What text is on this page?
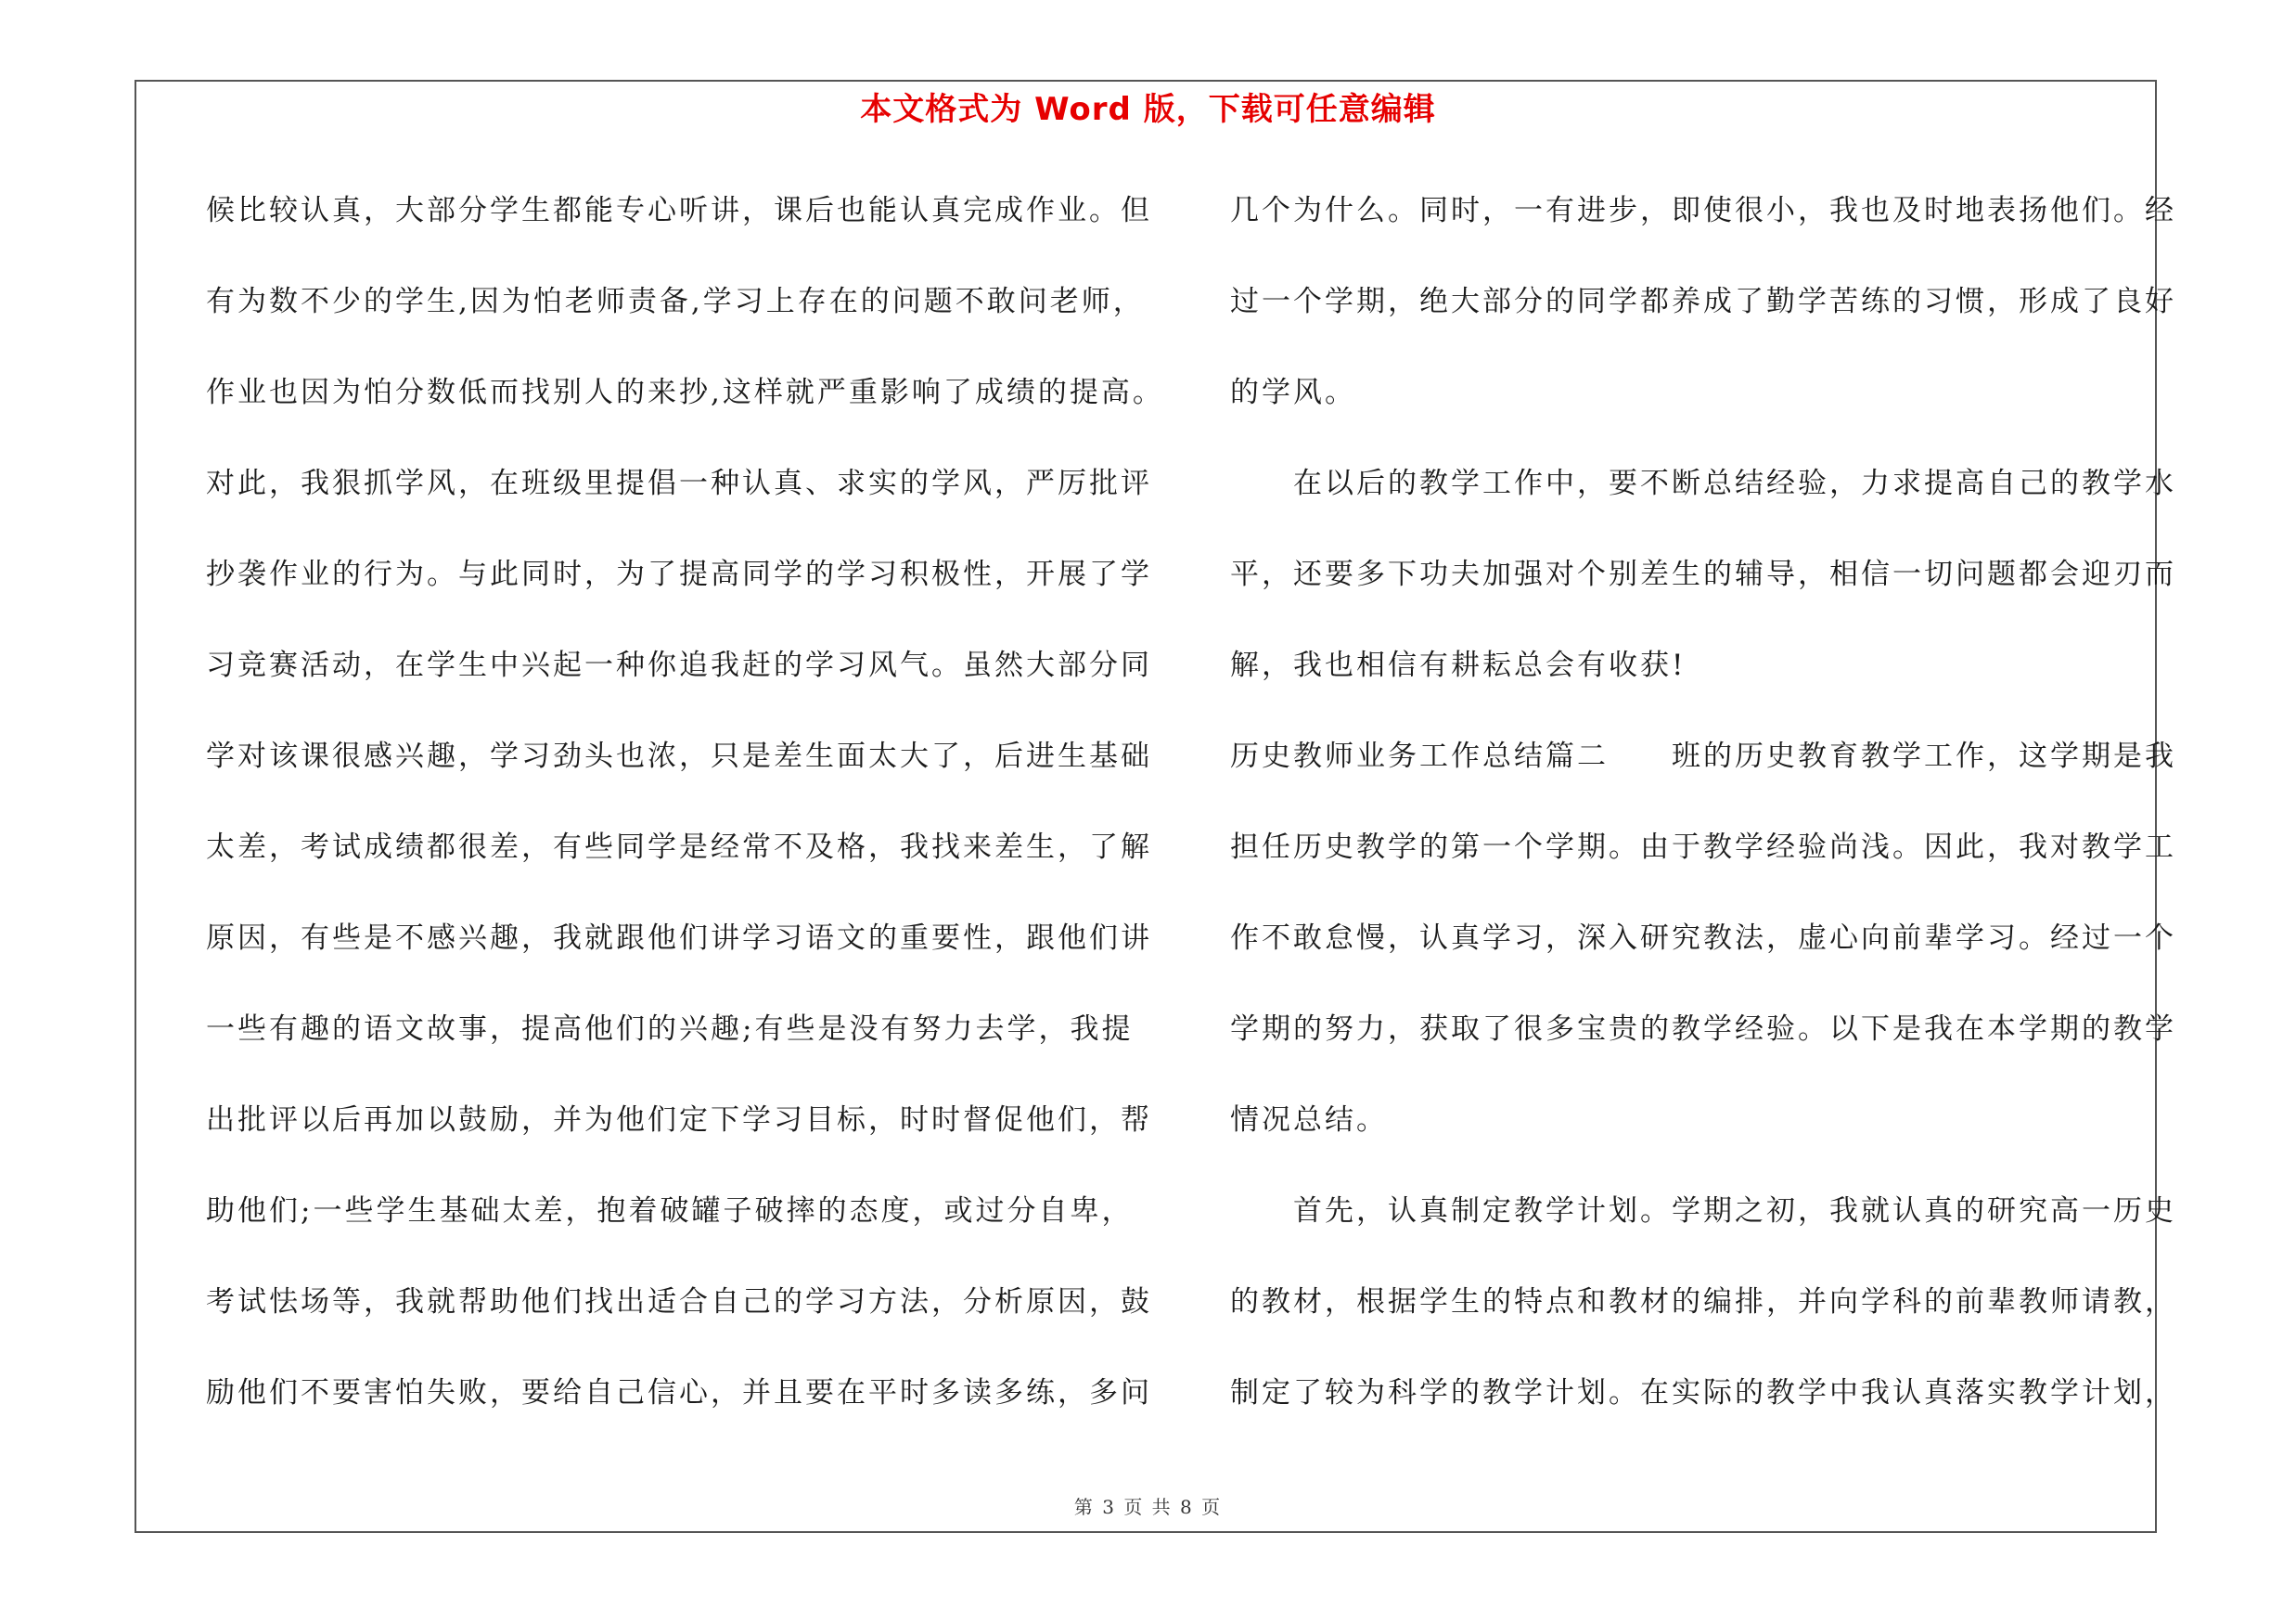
本文格式为 Word 版，下载可任意编辑
候比较认真，大部分学生都能专心听讲，课后也能认真完成作业。但
有为数不少的学生,因为怕老师责备,学习上存在的问题不敢问老师，
作业也因为怕分数低而找别人的来抄,这样就严重影响了成绩的提高。
对此，我狠抓学风，在班级里提倡一种认真、求实的学风，严厉批评
抄袭作业的行为。与此同时，为了提高同学的学习积极性，开展了学
习竞赛活动，在学生中兴起一种你追我赶的学习风气。虽然大部分同
学对该课很感兴趣，学习劲头也浓，只是差生面太大了，后进生基础
太差，考试成绩都很差，有些同学是经常不及格，我找来差生，了解
原因，有些是不感兴趣，我就跟他们讲学习语文的重要性，跟他们讲
一些有趣的语文故事，提高他们的兴趣;有些是没有努力去学，我提
出批评以后再加以鼓励，并为他们定下学习目标，时时督促他们，帮
助他们;一些学生基础太差，抱着破罐子破摔的态度，或过分自卑，
考试怯场等，我就帮助他们找出适合自己的学习方法，分析原因，鼓
励他们不要害怕失败，要给自己信心，并且要在平时多读多练，多问
几个为什么。同时，一有进步，即使很小，我也及时地表扬他们。经
过一个学期，绝大部分的同学都养成了勤学苦练的习惯，形成了良好
的学风。
在以后的教学工作中，要不断总结经验，力求提高自己的教学水
平，还要多下功夫加强对个别差生的辅导，相信一切问题都会迎刃而
解，我也相信有耕耘总会有收获!
历史教师业务工作总结篇二　　班的历史教育教学工作，这学期是我
担任历史教学的第一个学期。由于教学经验尚浅。因此，我对教学工
作不敢怠慢，认真学习，深入研究教法，虚心向前辈学习。经过一个
学期的努力，获取了很多宝贵的教学经验。以下是我在本学期的教学
情况总结。
首先，认真制定教学计划。学期之初，我就认真的研究高一历史
的教材，根据学生的特点和教材的编排，并向学科的前辈教师请教，
制定了较为科学的教学计划。在实际的教学中我认真落实教学计划，
第 3 页 共 8 页
